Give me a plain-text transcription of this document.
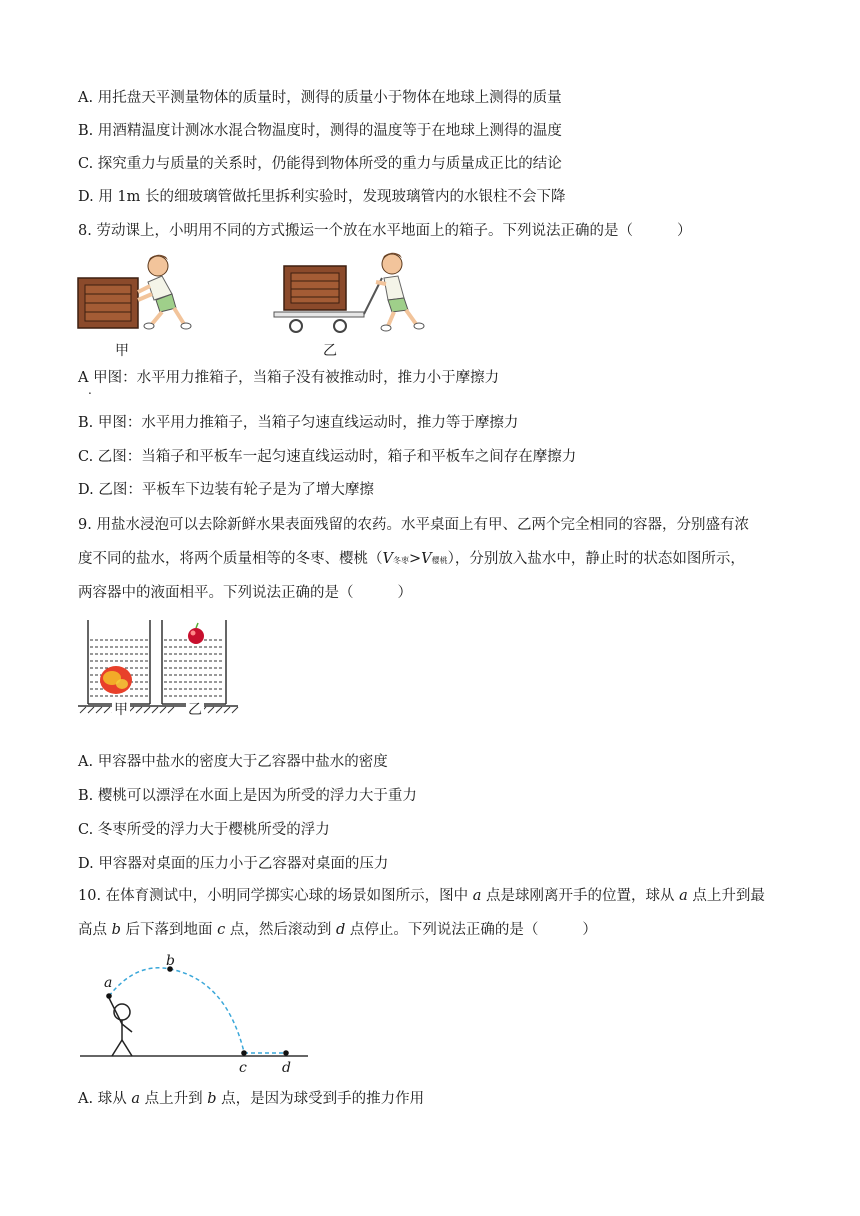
A. 用托盘天平测量物体的质量时，测得的质量小于物体在地球上测得的质量
B. 用酒精温度计测冰水混合物温度时，测得的温度等于在地球上测得的温度
C. 探究重力与质量的关系时，仍能得到物体所受的重力与质量成正比的结论
D. 用 1m 长的细玻璃管做托里拆利实验时，发现玻璃管内的水银柱不会下降
8. 劳动课上，小明用不同的方式搬运一个放在水平地面上的箱子。下列说法正确的是（	）
甲	乙
A 甲图：水平用力推箱子，当箱子没有被推动时，推力小于摩擦力
.
B. 甲图：水平用力推箱子，当箱子匀速直线运动时，推力等于摩擦力
C. 乙图：当箱子和平板车一起匀速直线运动时，箱子和平板车之间存在摩擦力
D. 乙图：平板车下边装有轮子是为了增大摩擦
9. 用盐水浸泡可以去除新鲜水果表面残留的农药。水平桌面上有甲、乙两个完全相同的容器，分别盛有浓
度不同的盐水，将两个质量相等的冬枣、樱桃（V冬枣>V樱桃），分别放入盐水中，静止时的状态如图所示，
两容器中的液面相平。下列说法正确的是（	）
甲	乙
A. 甲容器中盐水的密度大于乙容器中盐水的密度
B. 樱桃可以漂浮在水面上是因为所受的浮力大于重力
C. 冬枣所受的浮力大于樱桃所受的浮力
D. 甲容器对桌面的压力小于乙容器对桌面的压力
10. 在体育测试中，小明同学掷实心球的场景如图所示，图中 a 点是球刚离开手的位置，球从 a 点上升到最
高点 b 后下落到地面 c 点，然后滚动到 d 点停止。下列说法正确的是（	）
a
b
c	d
A. 球从 a 点上升到 b 点，是因为球受到手的推力作用
